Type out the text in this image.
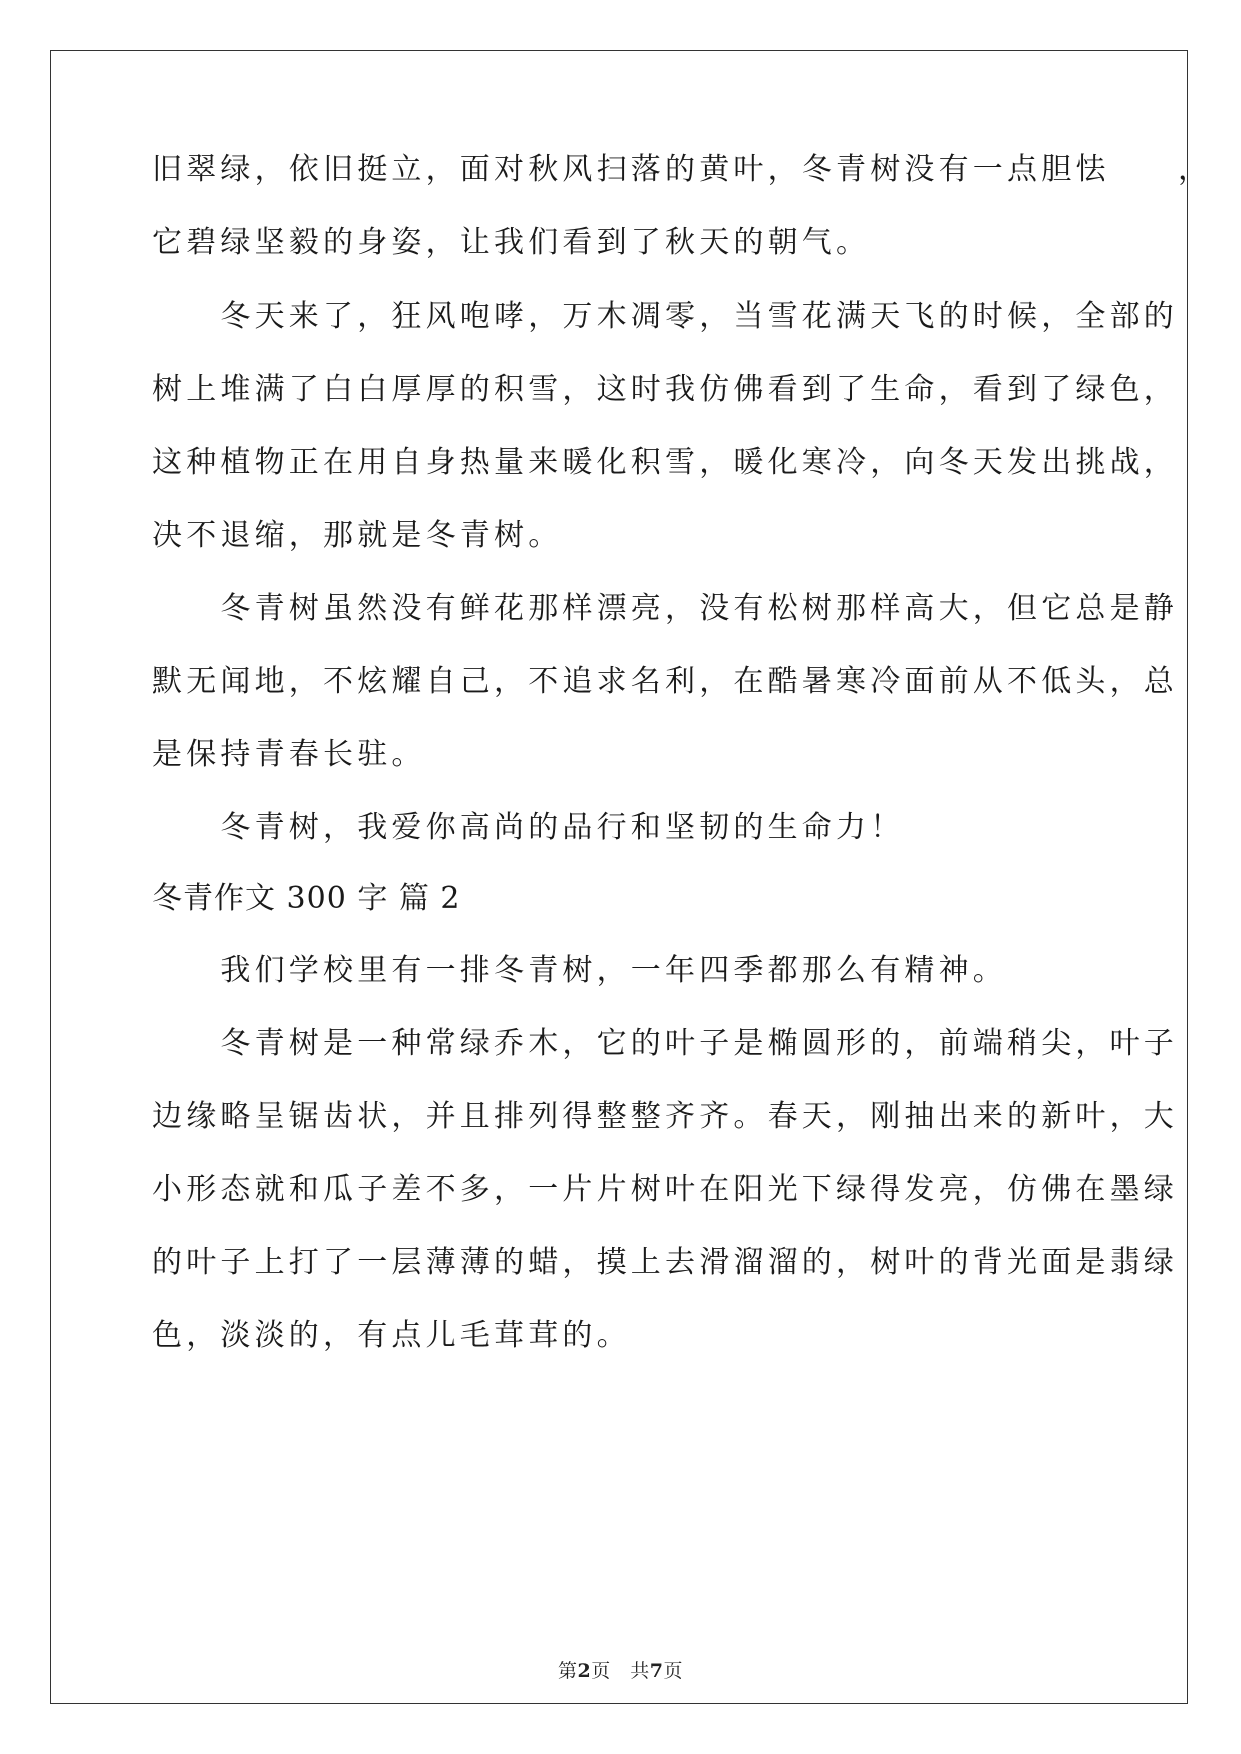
旧翠绿，依旧挺立，面对秋风扫落的黄叶，冬青树没有一点胆怯　　，
它碧绿坚毅的身姿，让我们看到了秋天的朝气。
　　冬天来了，狂风咆哮，万木凋零，当雪花满天飞的时候，全部的
树上堆满了白白厚厚的积雪，这时我仿佛看到了生命，看到了绿色，
这种植物正在用自身热量来暖化积雪，暖化寒冷，向冬天发出挑战，
决不退缩，那就是冬青树。
　　冬青树虽然没有鲜花那样漂亮，没有松树那样高大，但它总是静
默无闻地，不炫耀自己，不追求名利，在酷暑寒冷面前从不低头，总
是保持青春长驻。
　　冬青树，我爱你高尚的品行和坚韧的生命力！
冬青作文 300 字 篇 2
　　我们学校里有一排冬青树，一年四季都那么有精神。
　　冬青树是一种常绿乔木，它的叶子是椭圆形的，前端稍尖，叶子
边缘略呈锯齿状，并且排列得整整齐齐。春天，刚抽出来的新叶，大
小形态就和瓜子差不多，一片片树叶在阳光下绿得发亮，仿佛在墨绿
的叶子上打了一层薄薄的蜡，摸上去滑溜溜的，树叶的背光面是翡绿
色，淡淡的，有点儿毛茸茸的。
第2页　共7页
